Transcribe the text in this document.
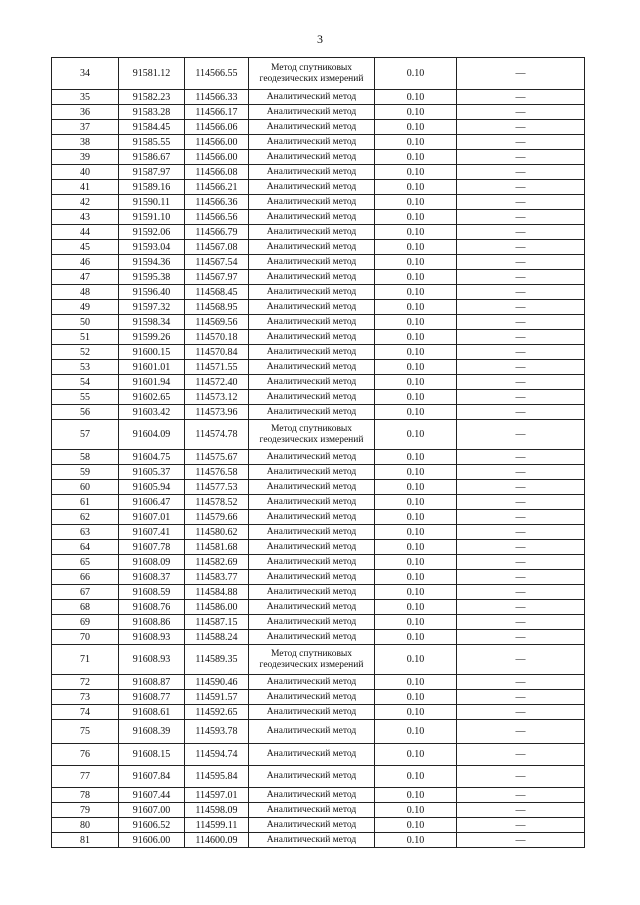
3
34	91581.12	114566.55	Метод спутниковых геодезических измерений	0.10	—
35	91582.23	114566.33	Аналитический метод	0.10	—
36	91583.28	114566.17	Аналитический метод	0.10	—
37	91584.45	114566.06	Аналитический метод	0.10	—
38	91585.55	114566.00	Аналитический метод	0.10	—
39	91586.67	114566.00	Аналитический метод	0.10	—
40	91587.97	114566.08	Аналитический метод	0.10	—
41	91589.16	114566.21	Аналитический метод	0.10	—
42	91590.11	114566.36	Аналитический метод	0.10	—
43	91591.10	114566.56	Аналитический метод	0.10	—
44	91592.06	114566.79	Аналитический метод	0.10	—
45	91593.04	114567.08	Аналитический метод	0.10	—
46	91594.36	114567.54	Аналитический метод	0.10	—
47	91595.38	114567.97	Аналитический метод	0.10	—
48	91596.40	114568.45	Аналитический метод	0.10	—
49	91597.32	114568.95	Аналитический метод	0.10	—
50	91598.34	114569.56	Аналитический метод	0.10	—
51	91599.26	114570.18	Аналитический метод	0.10	—
52	91600.15	114570.84	Аналитический метод	0.10	—
53	91601.01	114571.55	Аналитический метод	0.10	—
54	91601.94	114572.40	Аналитический метод	0.10	—
55	91602.65	114573.12	Аналитический метод	0.10	—
56	91603.42	114573.96	Аналитический метод	0.10	—
57	91604.09	114574.78	Метод спутниковых геодезических измерений	0.10	—
58	91604.75	114575.67	Аналитический метод	0.10	—
59	91605.37	114576.58	Аналитический метод	0.10	—
60	91605.94	114577.53	Аналитический метод	0.10	—
61	91606.47	114578.52	Аналитический метод	0.10	—
62	91607.01	114579.66	Аналитический метод	0.10	—
63	91607.41	114580.62	Аналитический метод	0.10	—
64	91607.78	114581.68	Аналитический метод	0.10	—
65	91608.09	114582.69	Аналитический метод	0.10	—
66	91608.37	114583.77	Аналитический метод	0.10	—
67	91608.59	114584.88	Аналитический метод	0.10	—
68	91608.76	114586.00	Аналитический метод	0.10	—
69	91608.86	114587.15	Аналитический метод	0.10	—
70	91608.93	114588.24	Аналитический метод	0.10	—
71	91608.93	114589.35	Метод спутниковых геодезических измерений	0.10	—
72	91608.87	114590.46	Аналитический метод	0.10	—
73	91608.77	114591.57	Аналитический метод	0.10	—
74	91608.61	114592.65	Аналитический метод	0.10	—
75	91608.39	114593.78	Аналитический метод	0.10	—
76	91608.15	114594.74	Аналитический метод	0.10	—
77	91607.84	114595.84	Аналитический метод	0.10	—
78	91607.44	114597.01	Аналитический метод	0.10	—
79	91607.00	114598.09	Аналитический метод	0.10	—
80	91606.52	114599.11	Аналитический метод	0.10	—
81	91606.00	114600.09	Аналитический метод	0.10	—
